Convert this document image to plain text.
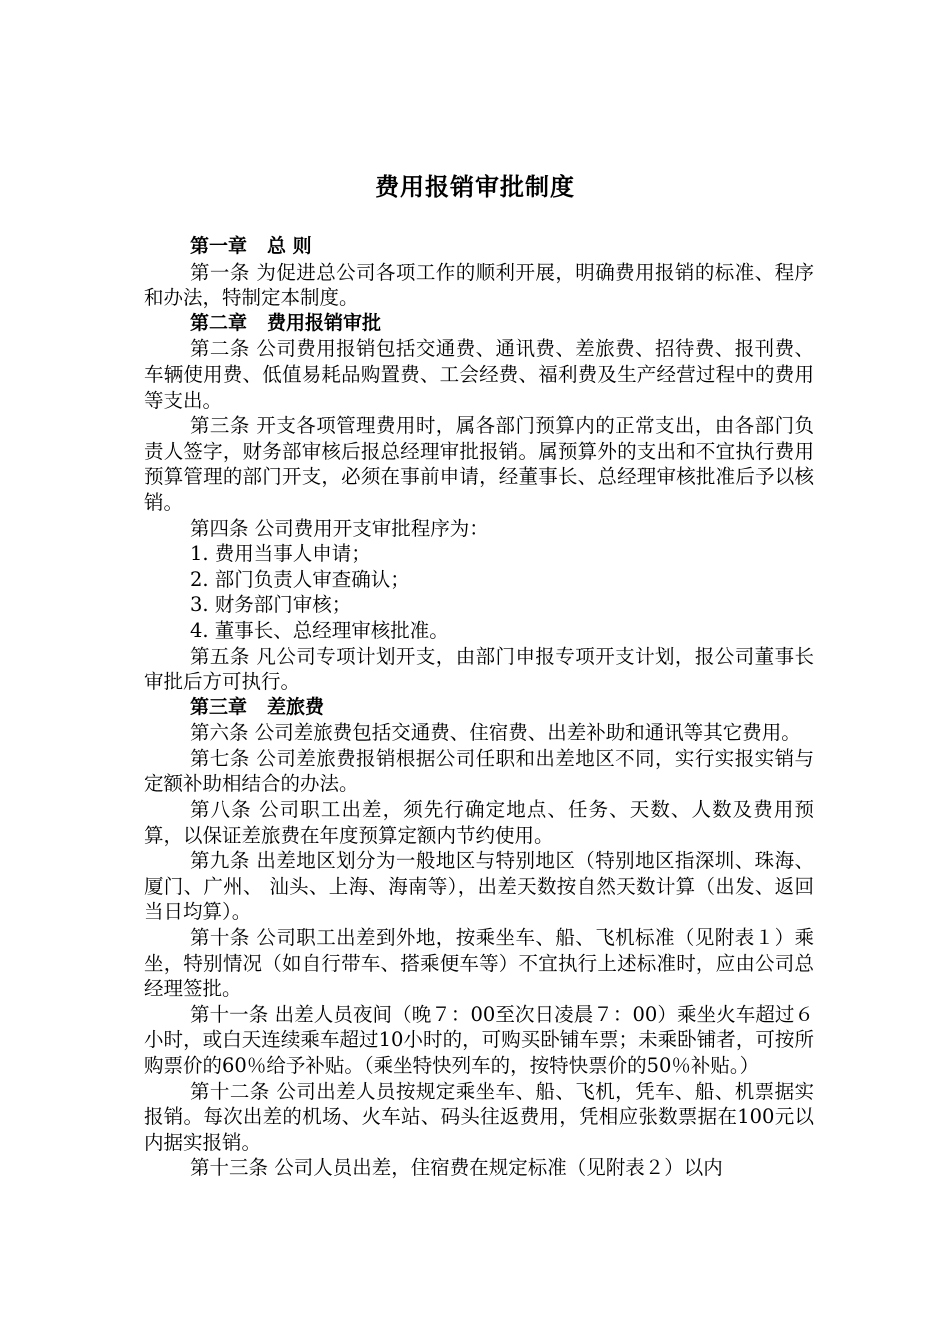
费用报销审批制度

第一章 总 则

第一条 为促进总公司各项工作的顺利开展，明确费用报销的标准、程序和办法，特制定本制度。

第二章 费用报销审批

第二条 公司费用报销包括交通费、通讯费、差旅费、招待费、报刊费、车辆使用费、低值易耗品购置费、工会经费、福利费及生产经营过程中的费用等支出。

第三条 开支各项管理费用时，属各部门预算内的正常支出，由各部门负责人签字，财务部审核后报总经理审批报销。属预算外的支出和不宜执行费用预算管理的部门开支，必须在事前申请，经董事长、总经理审核批准后予以核销。

第四条 公司费用开支审批程序为：

1. 费用当事人申请；

2. 部门负责人审查确认；

3. 财务部门审核；

4. 董事长、总经理审核批准。

第五条 凡公司专项计划开支，由部门申报专项开支计划，报公司董事长审批后方可执行。

第三章 差旅费

第六条 公司差旅费包括交通费、住宿费、出差补助和通讯等其它费用。

第七条 公司差旅费报销根据公司任职和出差地区不同，实行实报实销与定额补助相结合的办法。

第八条 公司职工出差，须先行确定地点、任务、天数、人数及费用预算，以保证差旅费在年度预算定额内节约使用。

第九条 出差地区划分为一般地区与特别地区（特别地区指深圳、珠海、厦门、广州、 汕头、上海、海南等），出差天数按自然天数计算（出发、返回当日均算）。

第十条 公司职工出差到外地，按乘坐车、船、飞机标准（见附表１）乘坐，特别情况（如自行带车、搭乘便车等）不宜执行上述标准时，应由公司总经理签批。

第十一条 出差人员夜间（晚７：00至次日凌晨７：00）乘坐火车超过６小时，或白天连续乘车超过10小时的，可购买卧铺车票；未乘卧铺者，可按所购票价的60％给予补贴。（乘坐特快列车的，按特快票价的50％补贴。）

第十二条 公司出差人员按规定乘坐车、船、飞机，凭车、船、机票据实报销。每次出差的机场、火车站、码头往返费用，凭相应张数票据在100元以内据实报销。

第十三条 公司人员出差，住宿费在规定标准（见附表２）以内
